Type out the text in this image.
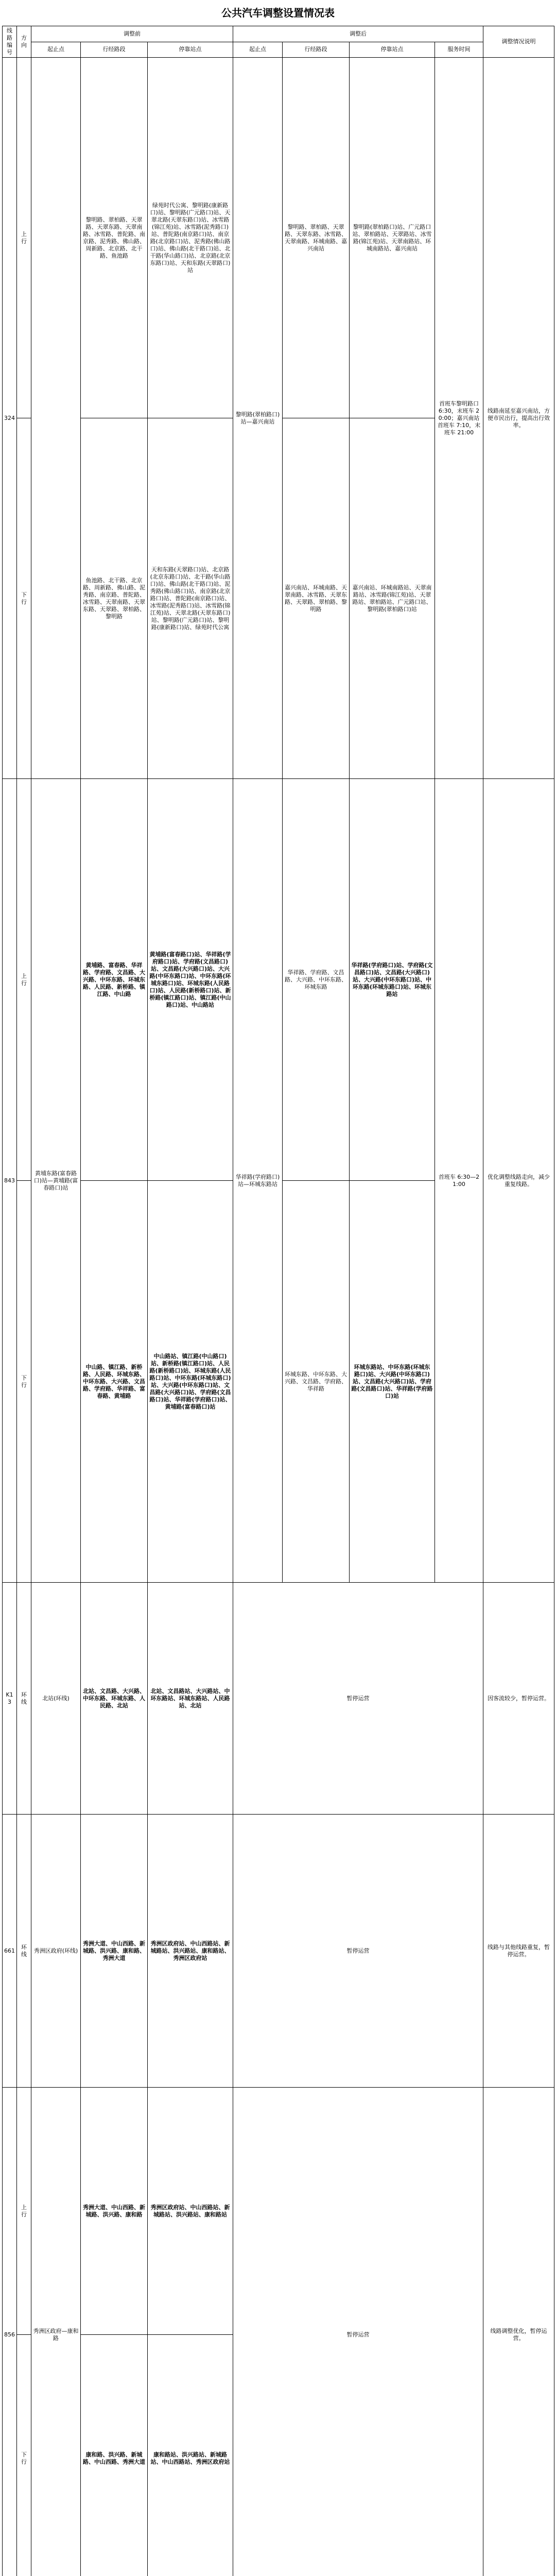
公共汽车调整设置情况表
线路编号	方向	调整前			调整后				调整情况说明
		起止点	行经路段	停靠站点	起止点	行经路段	停靠站点	服务时间	
324	上行		黎明路、翠柏路、天翠路、天翠东路、天翠南路、冰雪路、普陀路、南京路、泥秀路、佛山路、周新路、北京路、北干路、鱼池路	绿苑时代公寓、黎明路(康新路口)站、黎明路(广元路口)站、天翠北路(天翠东路口)站、冰雪路(锦江苑)站、冰雪路(泥秀路口)站、普陀路(南京路口)站、南京路(北京路口)站、泥秀路(佛山路口)站、佛山路(北干路口)站、北干路(华山路口)站、北京路(北京东路口)站、天和东路(天翠路口)站	黎明路(翠柏路口)站—嘉兴南站	黎明路、翠柏路、天翠路、天翠东路、冰雪路、天翠南路、环城南路、嘉兴南站	黎明路(翠柏路口)站、广元路口站、翠柏路站、天翠路站、冰雪路(锦江苑)站、天翠南路站、环城南路站、嘉兴南站	首班车黎明路口 6:30，末班车 20:00；嘉兴南站首班车 7:10，末班车 21:00	线路南延至嘉兴南站，方便市民出行，提高出行效率。
	下行		鱼池路、北干路、北京路、周新路、佛山路、泥秀路、南京路、普陀路、冰雪路、天翠南路、天翠东路、天翠路、翠柏路、黎明路	天和东路(天翠路口)站、北京路(北京东路口)站、北干路(华山路口)站、佛山路(北干路口)站、泥秀路(佛山路口)站、南京路(北京路口)站、普陀路(南京路口)站、冰雪路(泥秀路口)站、冰雪路(锦江苑)站、天翠北路(天翠东路口)站、黎明路(广元路口)站、黎明路(康新路口)站、绿苑时代公寓		嘉兴南站、环城南路、天翠南路、冰雪路、天翠东路、天翠路、翠柏路、黎明路	嘉兴南站、环城南路站、天翠南路站、冰雪路(锦江苑)站、天翠路站、翠柏路站、广元路口站、黎明路(翠柏路口)站		
843	上行	黄埔东路(富春路口)站—黄埔路(富春路口)站	黄埔路、富春路、华祥路、学府路、文昌路、大兴路、中环东路、环城东路、人民路、新桥路、镇江路、中山路	黄埔路(富春路口)站、华祥路(学府路口)站、学府路(文昌路口)站、文昌路(大兴路口)站、大兴路(中环东路口)站、中环东路(环城东路口)站、环城东路(人民路口)站、人民路(新桥路口)站、新桥路(镇江路口)站、镇江路(中山路口)站、中山路站	华祥路(学府路口)站—环城东路站	华祥路、学府路、文昌路、大兴路、中环东路、环城东路	华祥路(学府路口)站、学府路(文昌路口)站、文昌路(大兴路口)站、大兴路(中环东路口)站、中环东路(环城东路口)站、环城东路站	首班车 6:30—21:00	优化调整线路走向，减少重复线路。
	下行		中山路、镇江路、新桥路、人民路、环城东路、中环东路、大兴路、文昌路、学府路、华祥路、富春路、黄埔路	中山路站、镇江路(中山路口)站、新桥路(镇江路口)站、人民路(新桥路口)站、环城东路(人民路口)站、中环东路(环城东路口)站、大兴路(中环东路口)站、文昌路(大兴路口)站、学府路(文昌路口)站、华祥路(学府路口)站、黄埔路(富春路口)站		环城东路、中环东路、大兴路、文昌路、学府路、华祥路	环城东路站、中环东路(环城东路口)站、大兴路(中环东路口)站、文昌路(大兴路口)站、学府路(文昌路口)站、华祥路(学府路口)站		
K13	环线	北站(环线)	北站、文昌路、大兴路、中环东路、环城东路、人民路、北站	北站、文昌路站、大兴路站、中环东路站、环城东路站、人民路站、北站	暂停运营				因客流较少，暂停运营。
661	环线	秀洲区政府(环线)	秀洲大道、中山西路、新城路、洪兴路、康和路、秀洲大道	秀洲区政府站、中山西路站、新城路站、洪兴路站、康和路站、秀洲区政府站	暂停运营				线路与其他线路重复，暂停运营。
856	上行	秀洲区政府—康和路	秀洲大道、中山西路、新城路、洪兴路、康和路	秀洲区政府站、中山西路站、新城路站、洪兴路站、康和路站	暂停运营				线路调整优化，暂停运营。
	下行		康和路、洪兴路、新城路、中山西路、秀洲大道	康和路站、洪兴路站、新城路站、中山西路站、秀洲区政府站					
